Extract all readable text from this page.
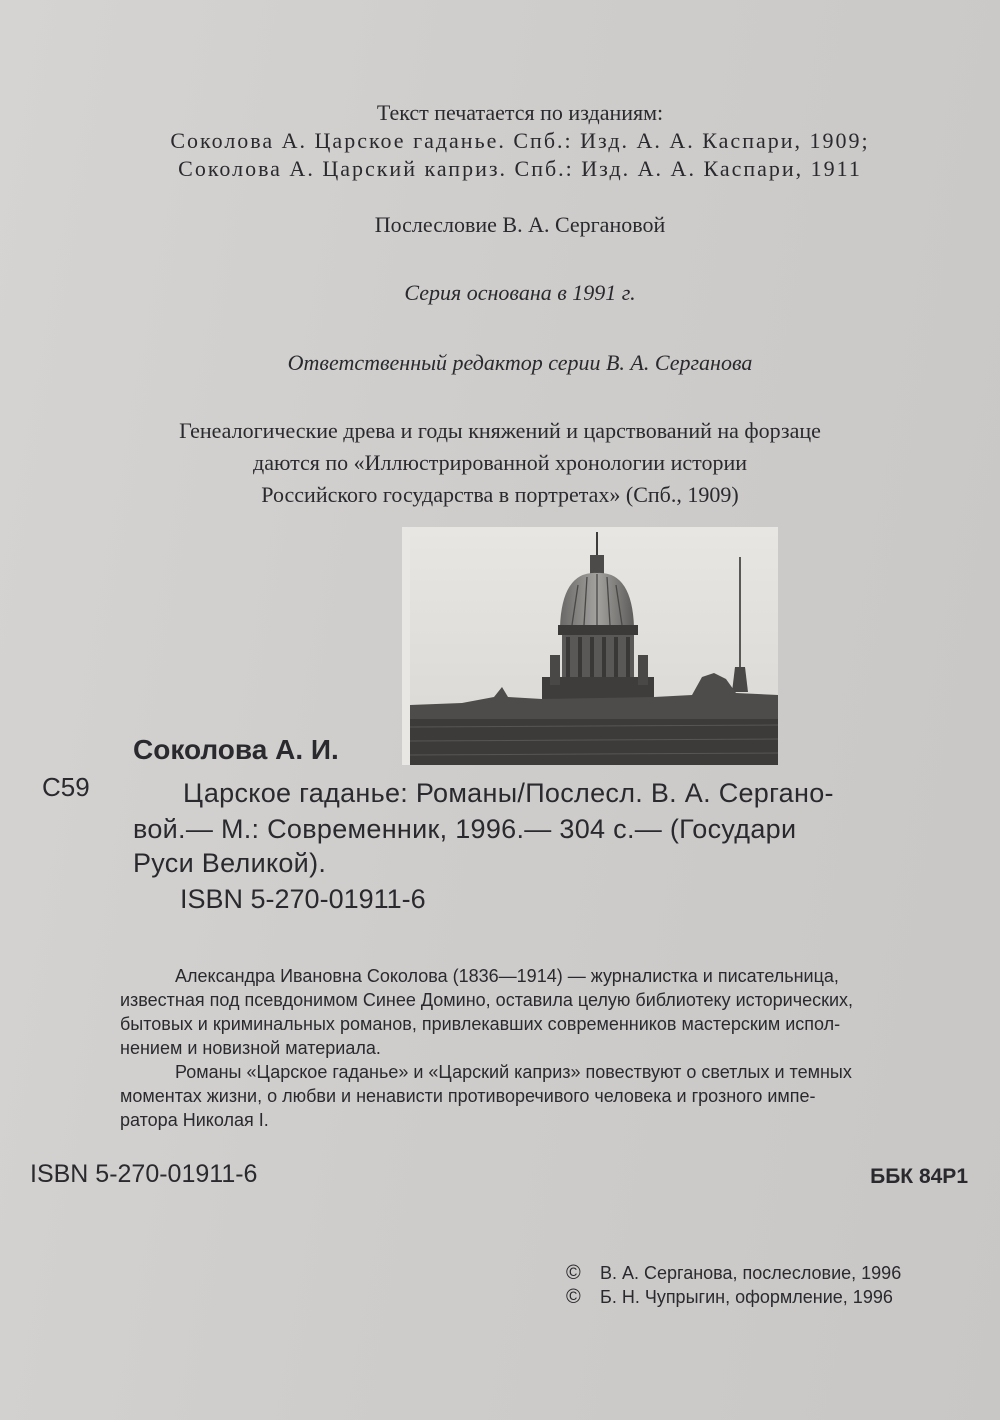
Текст печатается по изданиям:
Соколова А. Царское гаданье. Спб.: Изд. А. А. Каспари, 1909;
Соколова А. Царский каприз. Спб.: Изд. А. А. Каспари, 1911
Послесловие В. А. Сергановой
Серия основана в 1991 г.
Ответственный редактор серии В. А. Серганова
Генеалогические древа и годы княжений и царствований на форзаце
даются по «Иллюстрированной хронологии истории
Российского государства в портретах» (Спб., 1909)
Соколова А. И.
С59	Царское гаданье: Романы/Послесл. В. А. Серганo-
вой.— М.: Современник, 1996.— 304 с.— (Государи
Руси Великой).
ISBN 5-270-01911-6
Александра Ивановна Соколова (1836—1914) — журналистка и писательница,
известная под псевдонимом Синее Домино, оставила целую библиотеку исторических,
бытовых и криминальных романов, привлекавших современников мастерским испол-
нением и новизной материала.
Романы «Царское гаданье» и «Царский каприз» повествуют о светлых и темных
моментах жизни, о любви и ненависти противоречивого человека и грозного импе-
ратора Николая I.
ISBN 5-270-01911-6	ББК 84Р1
© В. А. Серганова, послесловие, 1996
© Б. Н. Чупрыгин, оформление, 1996
